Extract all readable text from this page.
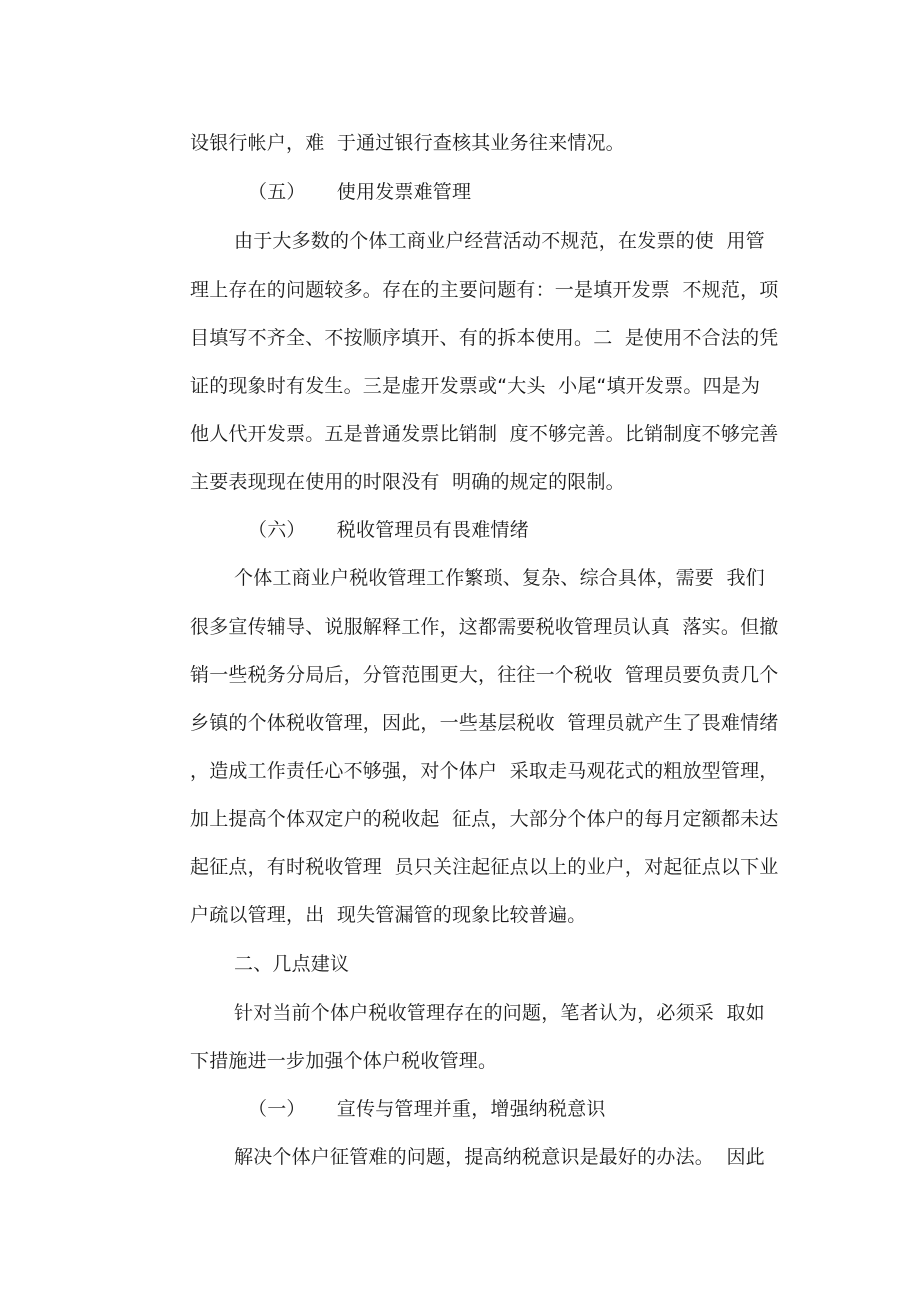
设银行帐户，难  于通过银行查核其业务往来情况。
（五）     使用发票难管理
由于大多数的个体工商业户经营活动不规范，在发票的使  用管
理上存在的问题较多。存在的主要问题有：一是填开发票  不规范，项
目填写不齐全、不按顺序填开、有的拆本使用。二  是使用不合法的凭
证的现象时有发生。三是虚开发票或“大头  小尾“填开发票。四是为
他人代开发票。五是普通发票比销制  度不够完善。比销制度不够完善
主要表现现在使用的时限没有  明确的规定的限制。
（六）     税收管理员有畏难情绪
个体工商业户税收管理工作繁琐、复杂、综合具体，需要  我们
很多宣传辅导、说服解释工作，这都需要税收管理员认真  落实。但撤
销一些税务分局后，分管范围更大，往往一个税收  管理员要负责几个
乡镇的个体税收管理，因此，一些基层税收  管理员就产生了畏难情绪
，造成工作责任心不够强，对个体户  采取走马观花式的粗放型管理，
加上提高个体双定户的税收起  征点，大部分个体户的每月定额都未达
起征点，有时税收管理  员只关注起征点以上的业户，对起征点以下业
户疏以管理，出  现失管漏管的现象比较普遍。
二、几点建议
针对当前个体户税收管理存在的问题，笔者认为，必须采  取如
下措施进一步加强个体户税收管理。
（一）     宣传与管理并重，增强纳税意识
解决个体户征管难的问题，提高纳税意识是最好的办法。  因此
